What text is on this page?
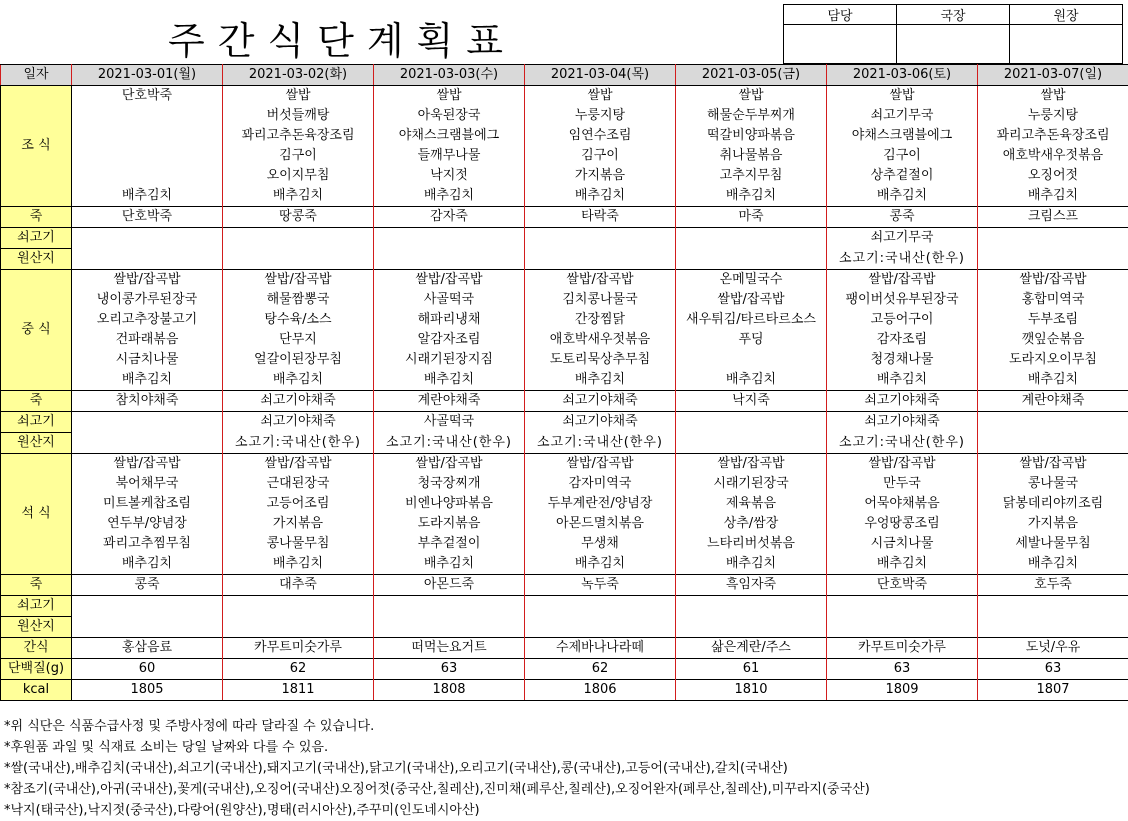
주간식단계획표
담당	국장	원장

일자	2021-03-01(월)	2021-03-02(화)	2021-03-03(수)	2021-03-04(목)	2021-03-05(금)	2021-03-06(토)	2021-03-07(일)
조 식	단호박죽	쌀밥	쌀밥	쌀밥	쌀밥	쌀밥	쌀밥
		버섯들깨탕	아욱된장국	누룽지탕	해물순두부찌개	쇠고기무국	누룽지탕
		꽈리고추돈육장조림	야채스크램블에그	임연수조림	떡갈비양파볶음	야채스크램블에그	꽈리고추돈육장조림
		김구이	들깨무나물	김구이	취나물볶음	김구이	애호박새우젓볶음
		오이지무침	낙지젓	가지볶음	고추지무침	상추겉절이	오징어젓
	배추김치	배추김치	배추김치	배추김치	배추김치	배추김치	배추김치
죽	단호박죽	땅콩죽	감자죽	타락죽	마죽	콩죽	크림스프
쇠고기						쇠고기무국	
원산지						소고기:국내산(한우)	
중 식	쌀밥/잡곡밥	쌀밥/잡곡밥	쌀밥/잡곡밥	쌀밥/잡곡밥	온메밀국수	쌀밥/잡곡밥	쌀밥/잡곡밥
	냉이콩가루된장국	해물짬뽕국	사골떡국	김치콩나물국	쌀밥/잡곡밥	팽이버섯유부된장국	홍합미역국
	오리고추장불고기	탕수육/소스	해파리냉채	간장찜닭	새우튀김/타르타르소스	고등어구이	두부조림
	건파래볶음	단무지	알감자조림	애호박새우젓볶음	푸딩	감자조림	깻잎순볶음
	시금치나물	얼갈이된장무침	시래기된장지짐	도토리묵상추무침		청경채나물	도라지오이무침
	배추김치	배추김치	배추김치	배추김치	배추김치	배추김치	배추김치
죽	참치야채죽	쇠고기야채죽	계란야채죽	쇠고기야채죽	낙지죽	쇠고기야채죽	계란야채죽
쇠고기		쇠고기야채죽	사골떡국	쇠고기야채죽		쇠고기야채죽	
원산지		소고기:국내산(한우)	소고기:국내산(한우)	소고기:국내산(한우)		소고기:국내산(한우)	
석 식	쌀밥/잡곡밥	쌀밥/잡곡밥	쌀밥/잡곡밥	쌀밥/잡곡밥	쌀밥/잡곡밥	쌀밥/잡곡밥	쌀밥/잡곡밥
	북어채무국	근대된장국	청국장찌개	감자미역국	시래기된장국	만두국	콩나물국
	미트볼케찹조림	고등어조림	비엔나양파볶음	두부계란전/양념장	제육볶음	어묵야채볶음	닭봉데리야끼조림
	연두부/양념장	가지볶음	도라지볶음	아몬드멸치볶음	상추/쌈장	우엉땅콩조림	가지볶음
	꽈리고추찜무침	콩나물무침	부추겉절이	무생채	느타리버섯볶음	시금치나물	세발나물무침
	배추김치	배추김치	배추김치	배추김치	배추김치	배추김치	배추김치
죽	콩죽	대추죽	아몬드죽	녹두죽	흑임자죽	단호박죽	호두죽
쇠고기							
원산지							
간식	홍삼음료	카무트미숫가루	떠먹는요거트	수제바나나라떼	삶은계란/주스	카무트미숫가루	도넛/우유
단백질(g)	60	62	63	62	61	63	63
kcal	1805	1811	1808	1806	1810	1809	1807
*위 식단은 식품수급사정 및 주방사정에 따라 달라질 수 있습니다.
*후원품 과일 및 식재료 소비는 당일 날짜와 다를 수 있음.
*쌀(국내산),배추김치(국내산),쇠고기(국내산),돼지고기(국내산),닭고기(국내산),오리고기(국내산),콩(국내산),고등어(국내산),갈치(국내산)
*참조기(국내산),아귀(국내산),꽃게(국내산),오징어(국내산)오징어젓(중국산,칠레산),진미채(페루산,칠레산),오징어완자(페루산,칠레산),미꾸라지(중국산)
*낙지(태국산),낙지젓(중국산),다랑어(원양산),명태(러시아산),주꾸미(인도네시아산)
